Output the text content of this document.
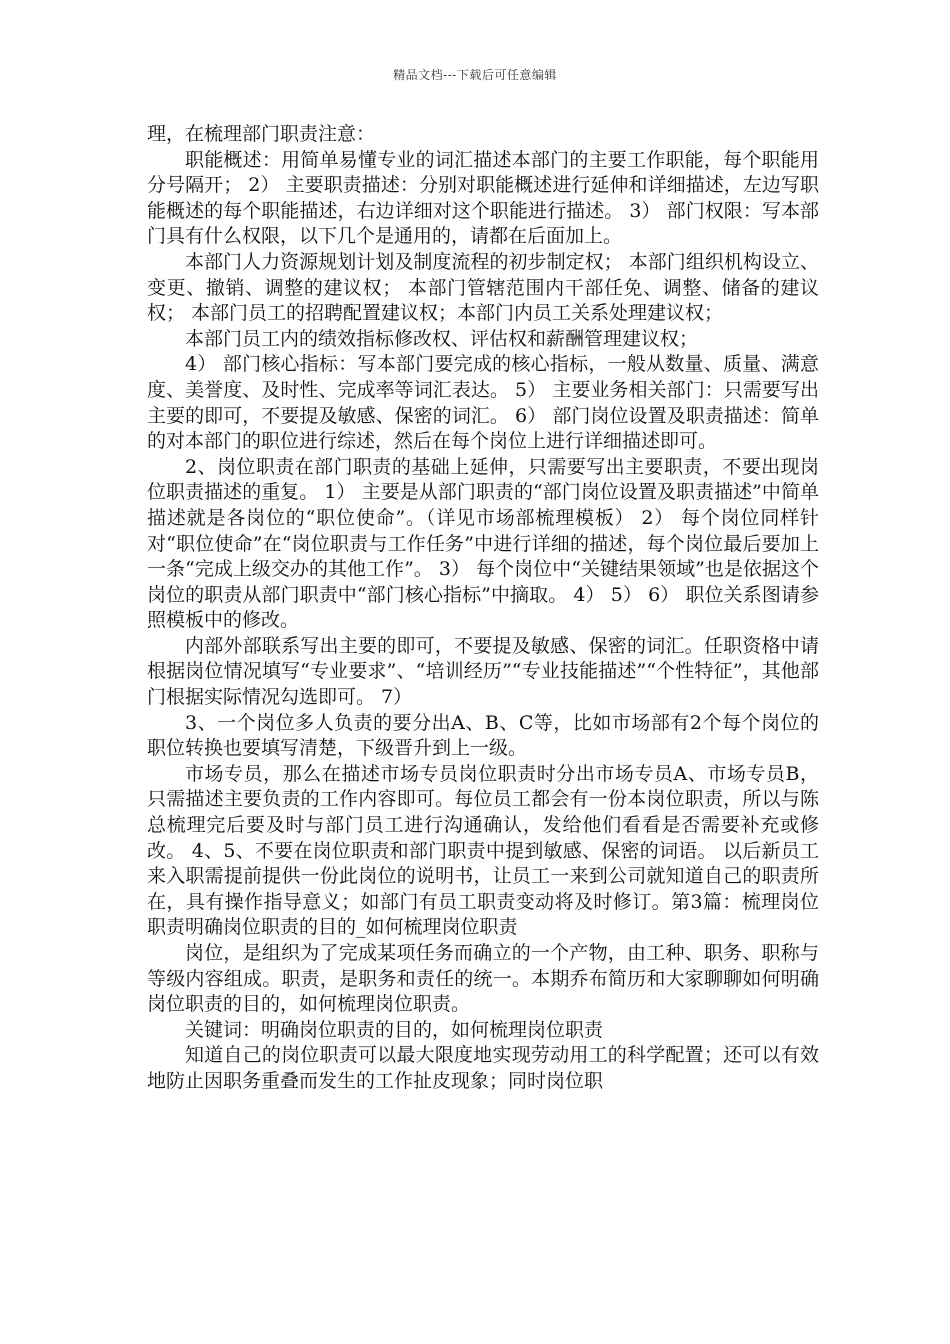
精品文档---下载后可任意编辑

理，在梳理部门职责注意：

职能概述：用简单易懂专业的词汇描述本部门的主要工作职能，每个职能用分号隔开； 2） 主要职责描述：分别对职能概述进行延伸和详细描述，左边写职能概述的每个职能描述，右边详细对这个职能进行描述。 3） 部门权限：写本部门具有什么权限，以下几个是通用的，请都在后面加上。

本部门人力资源规划计划及制度流程的初步制定权； 本部门组织机构设立、变更、撤销、调整的建议权； 本部门管辖范围内干部任免、调整、储备的建议权； 本部门员工的招聘配置建议权；本部门内员工关系处理建议权；

本部门员工内的绩效指标修改权、评估权和薪酬管理建议权；

4） 部门核心指标：写本部门要完成的核心指标，一般从数量、质量、满意度、美誉度、及时性、完成率等词汇表达。 5） 主要业务相关部门：只需要写出主要的即可，不要提及敏感、保密的词汇。 6） 部门岗位设置及职责描述：简单的对本部门的职位进行综述，然后在每个岗位上进行详细描述即可。

2、岗位职责在部门职责的基础上延伸，只需要写出主要职责，不要出现岗位职责描述的重复。 1） 主要是从部门职责的“部门岗位设置及职责描述”中简单描述就是各岗位的“职位使命”。（详见市场部梳理模板） 2） 每个岗位同样针对“职位使命”在“岗位职责与工作任务”中进行详细的描述，每个岗位最后要加上一条“完成上级交办的其他工作”。 3） 每个岗位中“关键结果领域”也是依据这个岗位的职责从部门职责中“部门核心指标”中摘取。 4） 5） 6） 职位关系图请参照模板中的修改。

内部外部联系写出主要的即可，不要提及敏感、保密的词汇。任职资格中请根据岗位情况填写“专业要求”、“培训经历”“专业技能描述”“个性特征”，其他部门根据实际情况勾选即可。 7）

3、一个岗位多人负责的要分出A、B、C等，比如市场部有2个每个岗位的职位转换也要填写清楚，下级晋升到上一级。

市场专员，那么在描述市场专员岗位职责时分出市场专员A、市场专员B，只需描述主要负责的工作内容即可。每位员工都会有一份本岗位职责，所以与陈总梳理完后要及时与部门员工进行沟通确认，发给他们看看是否需要补充或修改。 4、5、不要在岗位职责和部门职责中提到敏感、保密的词语。 以后新员工来入职需提前提供一份此岗位的说明书，让员工一来到公司就知道自己的职责所在，具有操作指导意义；如部门有员工职责变动将及时修订。第3篇：梳理岗位职责明确岗位职责的目的_如何梳理岗位职责

岗位，是组织为了完成某项任务而确立的一个产物，由工种、职务、职称与等级内容组成。职责，是职务和责任的统一。本期乔布简历和大家聊聊如何明确岗位职责的目的，如何梳理岗位职责。

关键词：明确岗位职责的目的，如何梳理岗位职责

知道自己的岗位职责可以最大限度地实现劳动用工的科学配置；还可以有效地防止因职务重叠而发生的工作扯皮现象；同时岗位职
